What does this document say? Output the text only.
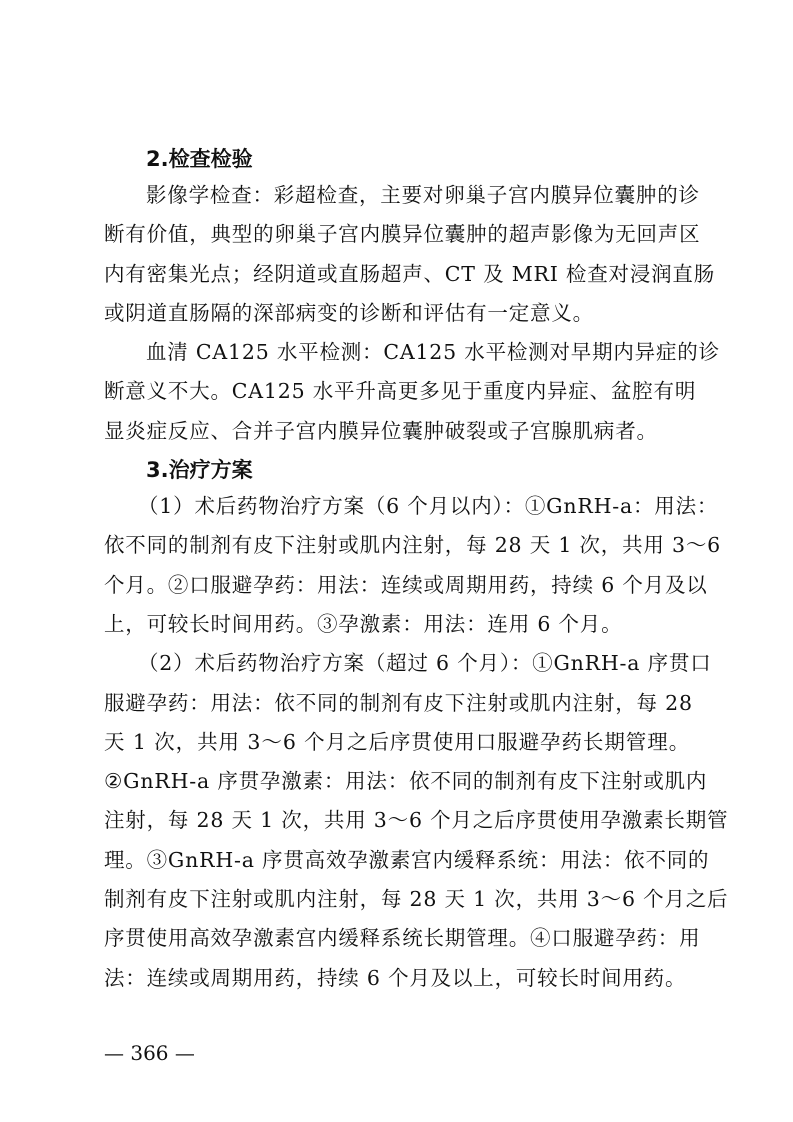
2.检查检验

影像学检查：彩超检查，主要对卵巢子宫内膜异位囊肿的诊
断有价值，典型的卵巢子宫内膜异位囊肿的超声影像为无回声区
内有密集光点；经阴道或直肠超声、CT 及 MRI 检查对浸润直肠
或阴道直肠隔的深部病变的诊断和评估有一定意义。

血清 CA125 水平检测：CA125 水平检测对早期内异症的诊
断意义不大。CA125 水平升高更多见于重度内异症、盆腔有明
显炎症反应、合并子宫内膜异位囊肿破裂或子宫腺肌病者。

3.治疗方案

（1）术后药物治疗方案（6 个月以内）：①GnRH-a：用法：
依不同的制剂有皮下注射或肌内注射，每 28 天 1 次，共用 3～6
个月。②口服避孕药：用法：连续或周期用药，持续 6 个月及以
上，可较长时间用药。③孕激素：用法：连用 6 个月。

（2）术后药物治疗方案（超过 6 个月）：①GnRH-a 序贯口
服避孕药：用法：依不同的制剂有皮下注射或肌内注射，每 28
天 1 次，共用 3～6 个月之后序贯使用口服避孕药长期管理。
②GnRH-a 序贯孕激素：用法：依不同的制剂有皮下注射或肌内
注射，每 28 天 1 次，共用 3～6 个月之后序贯使用孕激素长期管
理。③GnRH-a 序贯高效孕激素宫内缓释系统：用法：依不同的
制剂有皮下注射或肌内注射，每 28 天 1 次，共用 3～6 个月之后
序贯使用高效孕激素宫内缓释系统长期管理。④口服避孕药：用
法：连续或周期用药，持续 6 个月及以上，可较长时间用药。

— 366 —
